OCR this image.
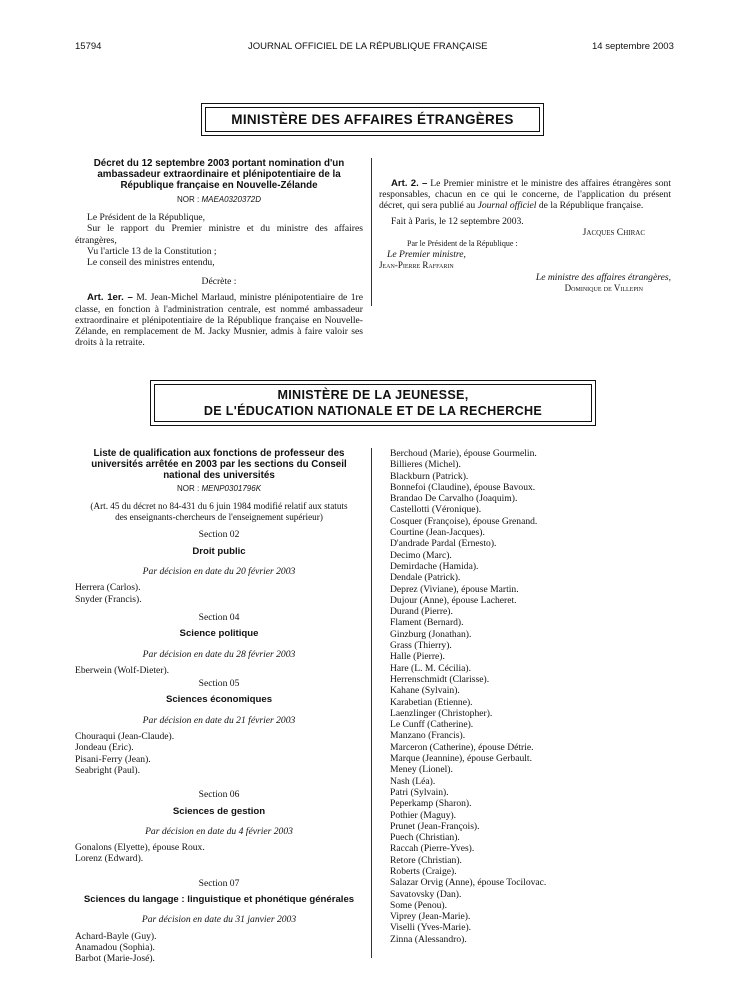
15794	JOURNAL OFFICIEL DE LA RÉPUBLIQUE FRANÇAISE	14 septembre 2003
MINISTÈRE DES AFFAIRES ÉTRANGÈRES

Décret du 12 septembre 2003 portant nomination d'un ambassadeur extraordinaire et plénipotentiaire de la République française en Nouvelle-Zélande

NOR : MAEA0320372D

Le Président de la République,

Sur le rapport du Premier ministre et du ministre des affaires étrangères,

Vu l'article 13 de la Constitution ;

Le conseil des ministres entendu,

Décrète :

Art. 1er. – M. Jean-Michel Marlaud, ministre plénipotentiaire de 1re classe, en fonction à l'administration centrale, est nommé ambassadeur extraordinaire et plénipotentiaire de la République française en Nouvelle-Zélande, en remplacement de M. Jacky Musnier, admis à faire valoir ses droits à la retraite.

Art. 2. – Le Premier ministre et le ministre des affaires étrangères sont responsables, chacun en ce qui le concerne, de l'application du présent décret, qui sera publié au Journal officiel de la République française.

Fait à Paris, le 12 septembre 2003.

Jacques Chirac

Par le Président de la République :

Le Premier ministre,

Jean-Pierre Raffarin

Le ministre des affaires étrangères,

Dominique de Villepin

MINISTÈRE DE LA JEUNESSE,
DE L'ÉDUCATION NATIONALE ET DE LA RECHERCHE

Liste de qualification aux fonctions de professeur des universités arrêtée en 2003 par les sections du Conseil national des universités

NOR : MENP0301796K

(Art. 45 du décret no 84-431 du 6 juin 1984 modifié relatif aux statuts des enseignants-chercheurs de l'enseignement supérieur)

Section 02

Droit public

Par décision en date du 20 février 2003

Herrera (Carlos).
Snyder (Francis).

Section 04

Science politique

Par décision en date du 28 février 2003

Eberwein (Wolf-Dieter).

Section 05

Sciences économiques

Par décision en date du 21 février 2003

Chouraqui (Jean-Claude).
Jondeau (Eric).
Pisani-Ferry (Jean).
Seabright (Paul).

Section 06

Sciences de gestion

Par décision en date du 4 février 2003

Gonalons (Elyette), épouse Roux.
Lorenz (Edward).

Section 07

Sciences du langage : linguistique et phonétique générales

Par décision en date du 31 janvier 2003

Achard-Bayle (Guy).
Anamadou (Sophia).
Barbot (Marie-José).
Berchoud (Marie), épouse Gourmelin.
Billieres (Michel).
Blackburn (Patrick).
Bonnefoi (Claudine), épouse Bavoux.
Brandao De Carvalho (Joaquim).
Castellotti (Véronique).
Cosquer (Françoise), épouse Grenand.
Courtine (Jean-Jacques).
D'andrade Pardal (Ernesto).
Decimo (Marc).
Demirdache (Hamida).
Dendale (Patrick).
Deprez (Viviane), épouse Martin.
Dujour (Anne), épouse Lacheret.
Durand (Pierre).
Flament (Bernard).
Ginzburg (Jonathan).
Grass (Thierry).
Halle (Pierre).
Hare (L. M. Cécilia).
Herrenschmidt (Clarisse).
Kahane (Sylvain).
Karabetian (Etienne).
Laenzlinger (Christopher).
Le Cunff (Catherine).
Manzano (Francis).
Marceron (Catherine), épouse Détrie.
Marque (Jeannine), épouse Gerbault.
Meney (Lionel).
Nash (Léa).
Patri (Sylvain).
Peperkamp (Sharon).
Pothier (Maguy).
Prunet (Jean-François).
Puech (Christian).
Raccah (Pierre-Yves).
Retore (Christian).
Roberts (Craige).
Salazar Orvig (Anne), épouse Tocilovac.
Savatovsky (Dan).
Some (Penou).
Viprey (Jean-Marie).
Viselli (Yves-Marie).
Zinna (Alessandro).
